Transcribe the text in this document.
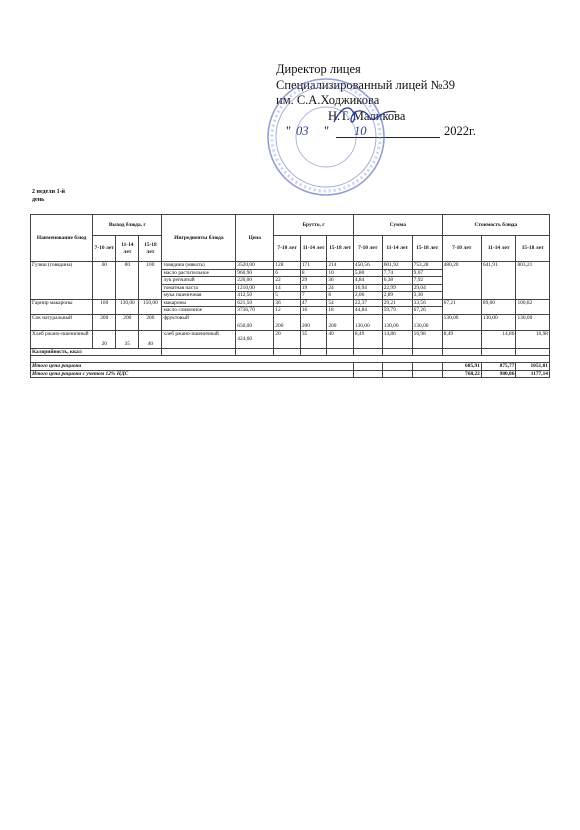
Директор лицея
Специализированный лицей №39
им. С.А.Ходжикова
Н.Т. Маликова
" 03 " 10	2022г.
2 недели 1-й
день
Наименование блюд	Выход блюда, г			Ингредиенты блюда	Цена	Брутто, г			Сумма			Стоимость блюда		
	7-10 лет	11-14 лет	15-18 лет			7-10 лет	11-14 лет	15-18 лет	7-10 лет	11-14 лет	15-18 лет	7-10 лет	11-14 лет	15-18 лет
Гуляш (говядина)	60	80	100	говядина (мякоть)	3520,00	128	171	214	450,56	601,92	753,28	480,20	641,91	803,21
				масло растительное	966,90	6	8	10	5,80	7,74	9,67			
				лук репчатый	220,00	22	29	36	4,84	6,38	7,92			
				томатная паста	1210,00	14	19	24	16,94	22,99	29,04			
				мука пшеничная	412,50	5	7	8	2,06	2,89	3,30			
Гарнир макароны	100	130,00	150,00	макароны	621,50	36	47	54	22,37	29,21	33,56	67,21	89,00	100,82
				масло сливочное	3736,70	12	16	18	44,84	59,79	67,26			
Сок натуральный	200	200	200	фруктовый	650,00	200	200	200	130,00	130,00	130,00	130,00	130,00	130,00
Хлеб ржано-пшеничный	20	35	40	хлеб ржано-пшеничный	424,60	20	35	40	8,49	14,86	16,98	8,49	14,86	16,98
Калорийность, ккал														

Итого цена рациона												685,91	875,77	1051,01
Итого цена рациона с учетом 12% НДС												768,22	980,86	1177,14
